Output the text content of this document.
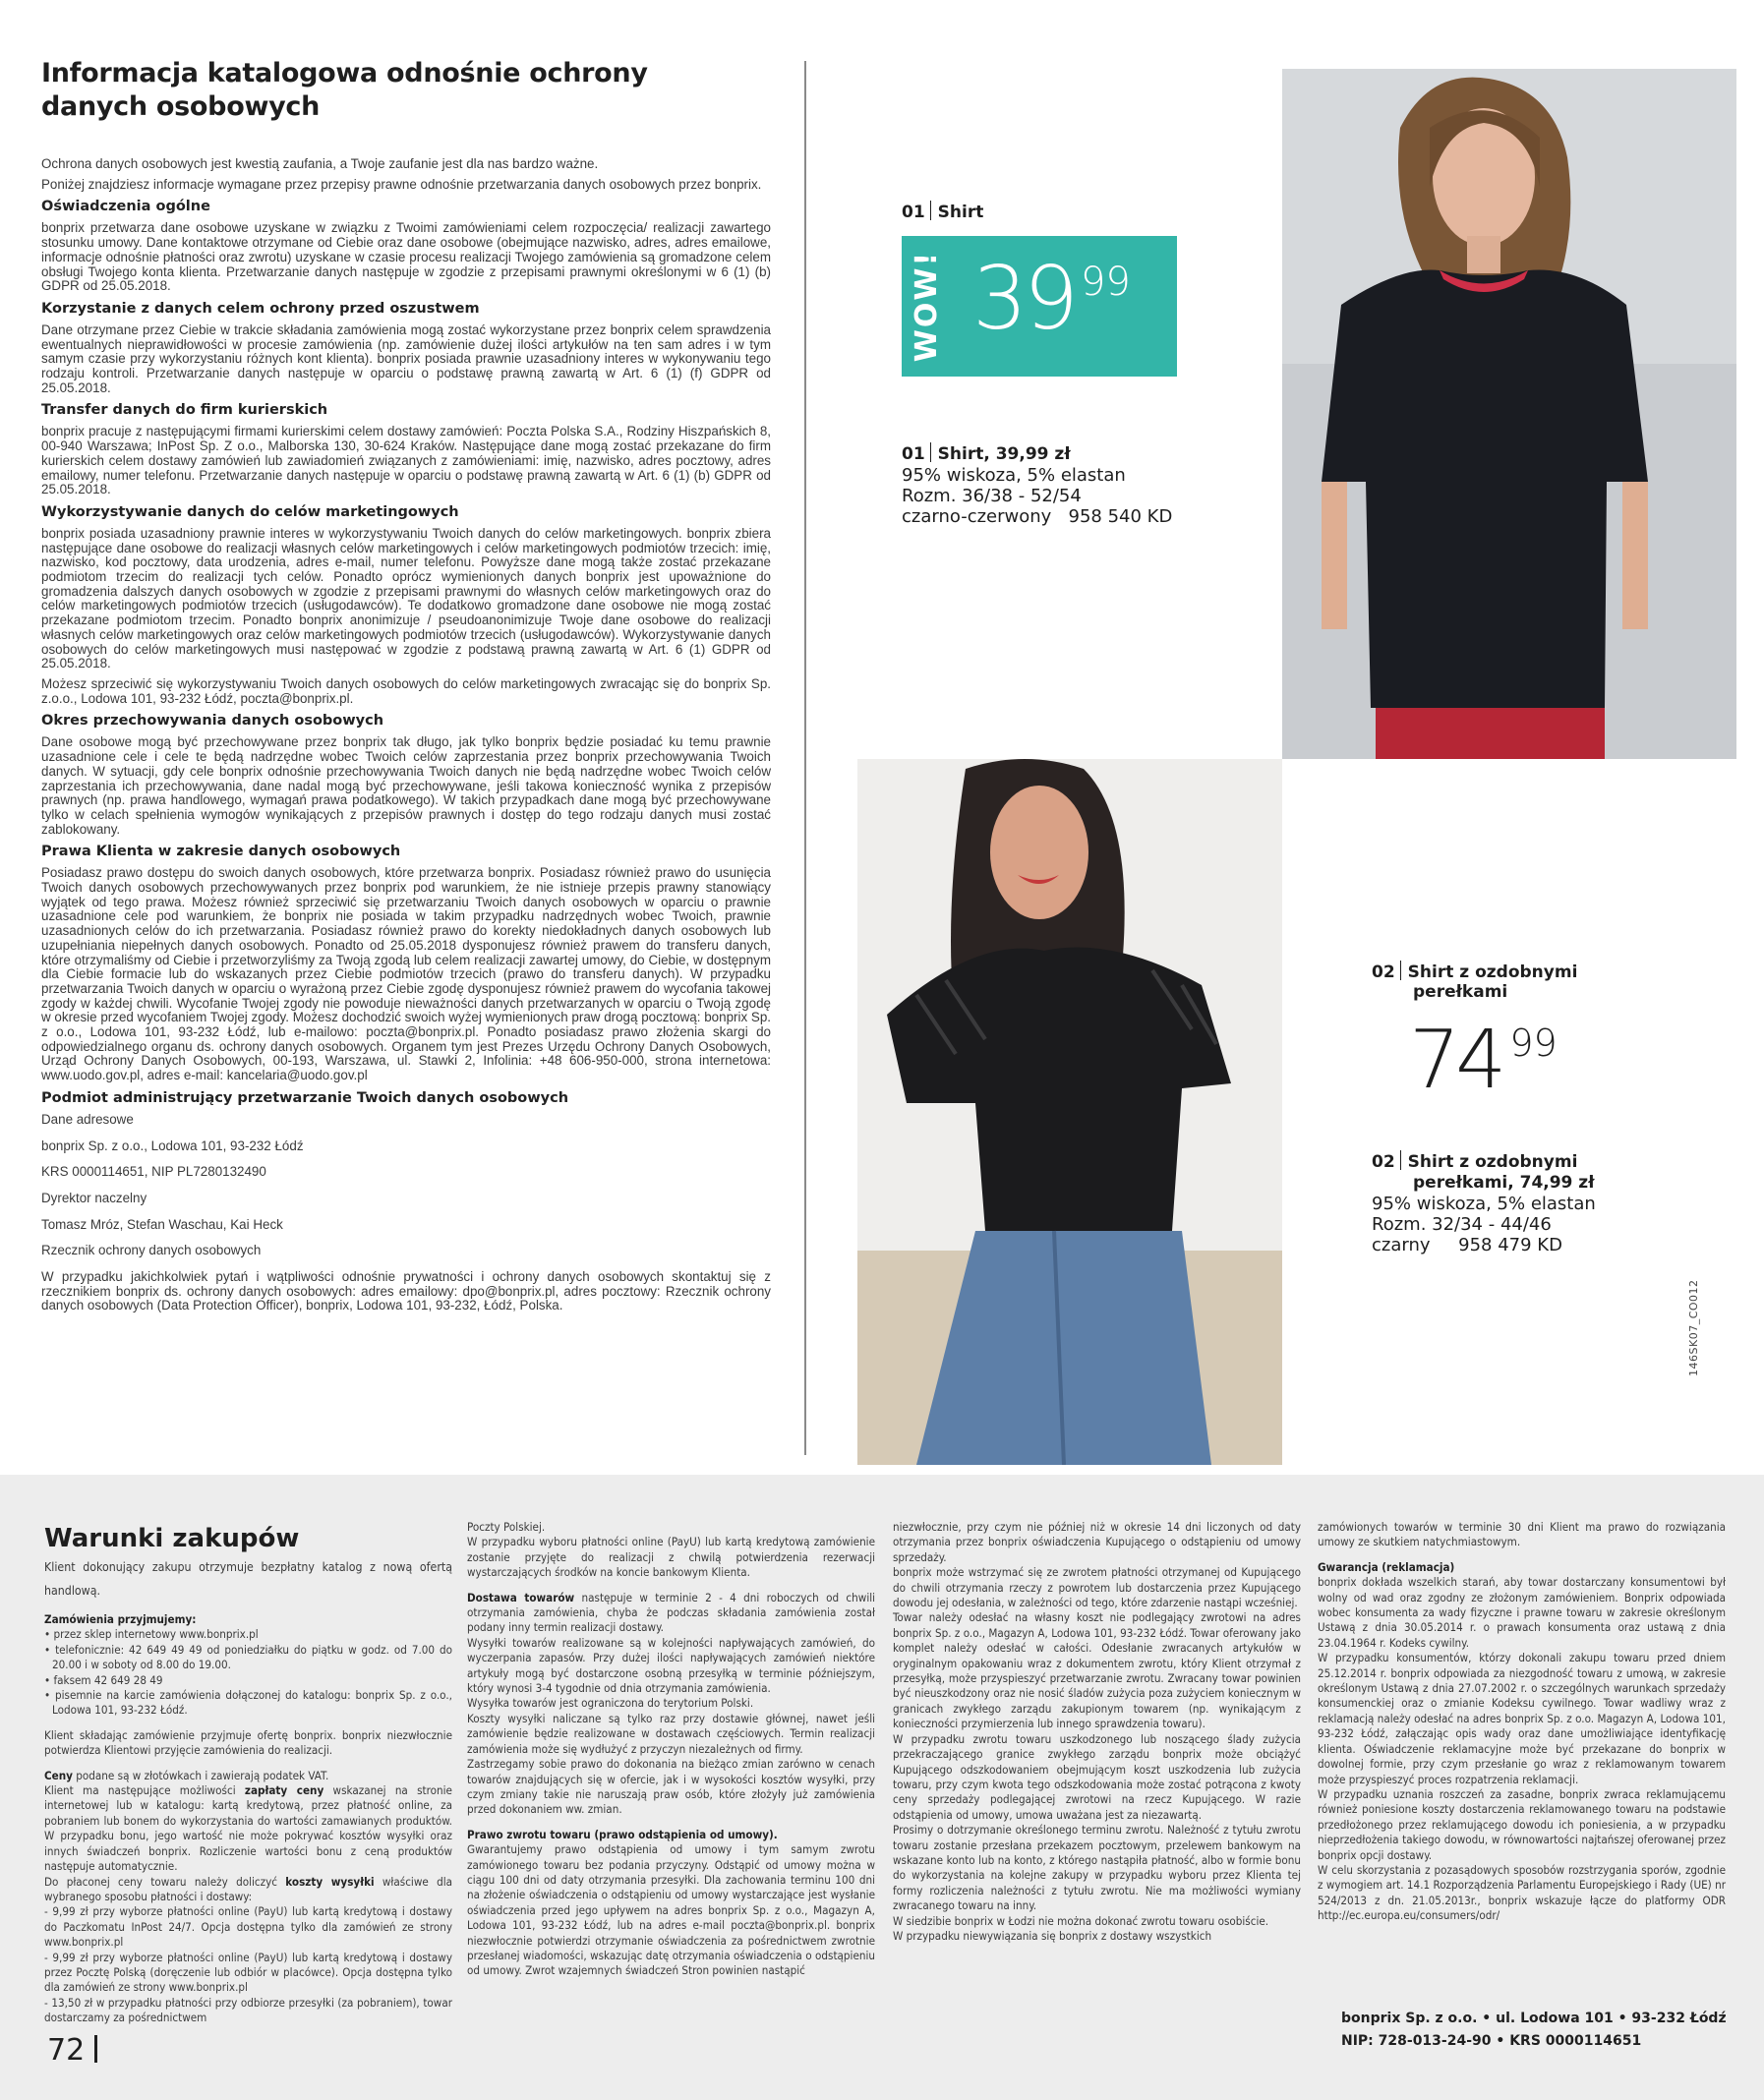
Informacja katalogowa odnośnie ochrony
danych osobowych

Ochrona danych osobowych jest kwestią zaufania, a Twoje zaufanie jest dla nas bardzo ważne.

Poniżej znajdziesz informacje wymagane przez przepisy prawne odnośnie przetwarzania danych osobowych przez bonprix.

Oświadczenia ogólne

bonprix przetwarza dane osobowe uzyskane w związku z Twoimi zamówieniami celem rozpoczęcia/ realizacji zawartego stosunku umowy. Dane kontaktowe otrzymane od Ciebie oraz dane osobowe (obejmujące nazwisko, adres, adres emailowe, informacje odnośnie płatności oraz zwrotu) uzyskane w czasie procesu realizacji Twojego zamówienia są gromadzone celem obsługi Twojego konta klienta. Przetwarzanie danych następuje w zgodzie z przepisami prawnymi określonymi w 6 (1) (b) GDPR od 25.05.2018.

Korzystanie z danych celem ochrony przed oszustwem

Dane otrzymane przez Ciebie w trakcie składania zamówienia mogą zostać wykorzystane przez bonprix celem sprawdzenia ewentualnych nieprawidłowości w procesie zamówienia (np. zamówienie dużej ilości artykułów na ten sam adres i w tym samym czasie przy wykorzystaniu różnych kont klienta). bonprix posiada prawnie uzasadniony interes w wykonywaniu tego rodzaju kontroli. Przetwarzanie danych następuje w oparciu o podstawę prawną zawartą w Art. 6 (1) (f) GDPR od 25.05.2018.

Transfer danych do firm kurierskich

bonprix pracuje z następującymi firmami kurierskimi celem dostawy zamówień: Poczta Polska S.A., Rodziny Hiszpańskich 8, 00-940 Warszawa; InPost Sp. Z o.o., Malborska 130, 30-624 Kraków. Następujące dane mogą zostać przekazane do firm kurierskich celem dostawy zamówień lub zawiadomień związanych z zamówieniami: imię, nazwisko, adres pocztowy, adres emailowy, numer telefonu. Przetwarzanie danych następuje w oparciu o podstawę prawną zawartą w Art. 6 (1) (b) GDPR od 25.05.2018.

Wykorzystywanie danych do celów marketingowych

bonprix posiada uzasadniony prawnie interes w wykorzystywaniu Twoich danych do celów marketingowych. bonprix zbiera następujące dane osobowe do realizacji własnych celów marketingowych i celów marketingowych podmiotów trzecich: imię, nazwisko, kod pocztowy, data urodzenia, adres e-mail, numer telefonu. Powyższe dane mogą także zostać przekazane podmiotom trzecim do realizacji tych celów. Ponadto oprócz wymienionych danych bonprix jest upoważnione do gromadzenia dalszych danych osobowych w zgodzie z przepisami prawnymi do własnych celów marketingowych oraz do celów marketingowych podmiotów trzecich (usługodawców). Te dodatkowo gromadzone dane osobowe nie mogą zostać przekazane podmiotom trzecim. Ponadto bonprix anonimizuje / pseudoanonimizuje Twoje dane osobowe do realizacji własnych celów marketingowych oraz celów marketingowych podmiotów trzecich (usługodawców). Wykorzystywanie danych osobowych do celów marketingowych musi następować w zgodzie z podstawą prawną zawartą w Art. 6 (1) GDPR od 25.05.2018.

Możesz sprzeciwić się wykorzystywaniu Twoich danych osobowych do celów marketingowych zwracając się do bonprix Sp. z.o.o., Lodowa 101, 93-232 Łódź, poczta@bonprix.pl.

Okres przechowywania danych osobowych

Dane osobowe mogą być przechowywane przez bonprix tak długo, jak tylko bonprix będzie posiadać ku temu prawnie uzasadnione cele i cele te będą nadrzędne wobec Twoich celów zaprzestania przez bonprix przechowywania Twoich danych. W sytuacji, gdy cele bonprix odnośnie przechowywania Twoich danych nie będą nadrzędne wobec Twoich celów zaprzestania ich przechowywania, dane nadal mogą być przechowywane, jeśli takowa konieczność wynika z przepisów prawnych (np. prawa handlowego, wymagań prawa podatkowego). W takich przypadkach dane mogą być przechowywane tylko w celach spełnienia wymogów wynikających z przepisów prawnych i dostęp do tego rodzaju danych musi zostać zablokowany.

Prawa Klienta w zakresie danych osobowych

Posiadasz prawo dostępu do swoich danych osobowych, które przetwarza bonprix. Posiadasz również prawo do usunięcia Twoich danych osobowych przechowywanych przez bonprix pod warunkiem, że nie istnieje przepis prawny stanowiący wyjątek od tego prawa. Możesz również sprzeciwić się przetwarzaniu Twoich danych osobowych w oparciu o prawnie uzasadnione cele pod warunkiem, że bonprix nie posiada w takim przypadku nadrzędnych wobec Twoich, prawnie uzasadnionych celów do ich przetwarzania. Posiadasz również prawo do korekty niedokładnych danych osobowych lub uzupełniania niepełnych danych osobowych. Ponadto od 25.05.2018 dysponujesz również prawem do transferu danych, które otrzymaliśmy od Ciebie i przetworzyliśmy za Twoją zgodą lub celem realizacji zawartej umowy, do Ciebie, w dostępnym dla Ciebie formacie lub do wskazanych przez Ciebie podmiotów trzecich (prawo do transferu danych). W przypadku przetwarzania Twoich danych w oparciu o wyrażoną przez Ciebie zgodę dysponujesz również prawem do wycofania takowej zgody w każdej chwili. Wycofanie Twojej zgody nie powoduje nieważności danych przetwarzanych w oparciu o Twoją zgodę w okresie przed wycofaniem Twojej zgody. Możesz dochodzić swoich wyżej wymienionych praw drogą pocztową: bonprix Sp. z o.o., Lodowa 101, 93-232 Łódź, lub e-mailowo: poczta@bonprix.pl. Ponadto posiadasz prawo złożenia skargi do odpowiedzialnego organu ds. ochrony danych osobowych. Organem tym jest Prezes Urzędu Ochrony Danych Osobowych, Urząd Ochrony Danych Osobowych, 00-193, Warszawa, ul. Stawki 2, Infolinia: +48 606-950-000, strona internetowa: www.uodo.gov.pl, adres e-mail: kancelaria@uodo.gov.pl

Podmiot administrujący przetwarzanie Twoich danych osobowych

Dane adresowe

bonprix Sp. z o.o., Lodowa 101, 93-232 Łódź

KRS 0000114651, NIP PL7280132490

Dyrektor naczelny

Tomasz Mróz, Stefan Waschau, Kai Heck

Rzecznik ochrony danych osobowych

W przypadku jakichkolwiek pytań i wątpliwości odnośnie prywatności i ochrony danych osobowych skontaktuj się z rzecznikiem bonprix ds. ochrony danych osobowych: adres emailowy: dpo@bonprix.pl, adres pocztowy: Rzecznik ochrony danych osobowych (Data Protection Officer), bonprix, Lodowa 101, 93-232, Łódź, Polska.

01 Shirt
WOW! 39 99
01 Shirt, 39,99 zł
95% wiskoza, 5% elastan
Rozm. 36/38 - 52/54
czarno-czerwony 958 540 KD
02 Shirt z ozdobnymi
perełkami
74 99
02 Shirt z ozdobnymi
perełkami, 74,99 zł
95% wiskoza, 5% elastan
Rozm. 32/34 - 44/46
czarny 958 479 KD
146SK07_CO012
Warunki zakupów

Klient dokonujący zakupu otrzymuje bezpłatny katalog z nową ofertą handlową.

Zamówienia przyjmujemy:

• przez sklep internetowy www.bonprix.pl
• telefonicznie: 42 649 49 49 od poniedziałku do piątku w godz. od 7.00 do 20.00 i w soboty od 8.00 do 19.00.
• faksem 42 649 28 49
• pisemnie na karcie zamówienia dołączonej do katalogu: bonprix Sp. z o.o., Lodowa 101, 93-232 Łódź.

Klient składając zamówienie przyjmuje ofertę bonprix. bonprix niezwłocznie potwierdza Klientowi przyjęcie zamówienia do realizacji.

Ceny podane są w złotówkach i zawierają podatek VAT.

Klient ma następujące możliwości zapłaty ceny wskazanej na stronie internetowej lub w katalogu: kartą kredytową, przez płatność online, za pobraniem lub bonem do wykorzystania do wartości zamawianych produktów. W przypadku bonu, jego wartość nie może pokrywać kosztów wysyłki oraz innych świadczeń bonprix. Rozliczenie wartości bonu z ceną produktów następuje automatycznie.

Do płaconej ceny towaru należy doliczyć koszty wysyłki właściwe dla wybranego sposobu płatności i dostawy:

- 9,99 zł przy wyborze płatności online (PayU) lub kartą kredytową i dostawy do Paczkomatu InPost 24/7. Opcja dostępna tylko dla zamówień ze strony www.bonprix.pl

- 9,99 zł przy wyborze płatności online (PayU) lub kartą kredytową i dostawy przez Pocztę Polską (doręczenie lub odbiór w placówce). Opcja dostępna tylko dla zamówień ze strony www.bonprix.pl

- 13,50 zł w przypadku płatności przy odbiorze przesyłki (za pobraniem), towar dostarczamy za pośrednictwem

72

Poczty Polskiej.

W przypadku wyboru płatności online (PayU) lub kartą kredytową zamówienie zostanie przyjęte do realizacji z chwilą potwierdzenia rezerwacji wystarczających środków na koncie bankowym Klienta.

Dostawa towarów następuje w terminie 2 - 4 dni roboczych od chwili otrzymania zamówienia, chyba że podczas składania zamówienia został podany inny termin realizacji dostawy.

Wysyłki towarów realizowane są w kolejności napływających zamówień, do wyczerpania zapasów. Przy dużej ilości napływających zamówień niektóre artykuły mogą być dostarczone osobną przesyłką w terminie późniejszym, który wynosi 3-4 tygodnie od dnia otrzymania zamówienia.

Wysyłka towarów jest ograniczona do terytorium Polski.

Koszty wysyłki naliczane są tylko raz przy dostawie głównej, nawet jeśli zamówienie będzie realizowane w dostawach częściowych. Termin realizacji zamówienia może się wydłużyć z przyczyn niezależnych od firmy.

Zastrzegamy sobie prawo do dokonania na bieżąco zmian zarówno w cenach towarów znajdujących się w ofercie, jak i w wysokości kosztów wysyłki, przy czym zmiany takie nie naruszają praw osób, które złożyły już zamówienia przed dokonaniem ww. zmian.

Prawo zwrotu towaru (prawo odstąpienia od umowy).

Gwarantujemy prawo odstąpienia od umowy i tym samym zwrotu zamówionego towaru bez podania przyczyny. Odstąpić od umowy można w ciągu 100 dni od daty otrzymania przesyłki. Dla zachowania terminu 100 dni na złożenie oświadczenia o odstąpieniu od umowy wystarczające jest wysłanie oświadczenia przed jego upływem na adres bonprix Sp. z o.o., Magazyn A, Lodowa 101, 93-232 Łódź, lub na adres e-mail poczta@bonprix.pl. bonprix niezwłocznie potwierdzi otrzymanie oświadczenia za pośrednictwem zwrotnie przesłanej wiadomości, wskazując datę otrzymania oświadczenia o odstąpieniu od umowy. Zwrot wzajemnych świadczeń Stron powinien nastąpić

niezwłocznie, przy czym nie później niż w okresie 14 dni liczonych od daty otrzymania przez bonprix oświadczenia Kupującego o odstąpieniu od umowy sprzedaży.

bonprix może wstrzymać się ze zwrotem płatności otrzymanej od Kupującego do chwili otrzymania rzeczy z powrotem lub dostarczenia przez Kupującego dowodu jej odesłania, w zależności od tego, które zdarzenie nastąpi wcześniej.

Towar należy odesłać na własny koszt nie podlegający zwrotowi na adres bonprix Sp. z o.o., Magazyn A, Lodowa 101, 93-232 Łódź. Towar oferowany jako komplet należy odesłać w całości. Odesłanie zwracanych artykułów w oryginalnym opakowaniu wraz z dokumentem zwrotu, który Klient otrzymał z przesyłką, może przyspieszyć przetwarzanie zwrotu. Zwracany towar powinien być nieuszkodzony oraz nie nosić śladów zużycia poza zużyciem koniecznym w granicach zwykłego zarządu zakupionym towarem (np. wynikającym z konieczności przymierzenia lub innego sprawdzenia towaru).

W przypadku zwrotu towaru uszkodzonego lub noszącego ślady zużycia przekraczającego granice zwykłego zarządu bonprix może obciążyć Kupującego odszkodowaniem obejmującym koszt uszkodzenia lub zużycia towaru, przy czym kwota tego odszkodowania może zostać potrącona z kwoty ceny sprzedaży podlegającej zwrotowi na rzecz Kupującego. W razie odstąpienia od umowy, umowa uważana jest za niezawartą.

Prosimy o dotrzymanie określonego terminu zwrotu. Należność z tytułu zwrotu towaru zostanie przesłana przekazem pocztowym, przelewem bankowym na wskazane konto lub na konto, z którego nastąpiła płatność, albo w formie bonu do wykorzystania na kolejne zakupy w przypadku wyboru przez Klienta tej formy rozliczenia należności z tytułu zwrotu. Nie ma możliwości wymiany zwracanego towaru na inny.

W siedzibie bonprix w Łodzi nie można dokonać zwrotu towaru osobiście.

W przypadku niewywiązania się bonprix z dostawy wszystkich

zamówionych towarów w terminie 30 dni Klient ma prawo do rozwiązania umowy ze skutkiem natychmiastowym.

Gwarancja (reklamacja)

bonprix dokłada wszelkich starań, aby towar dostarczany konsumentowi był wolny od wad oraz zgodny ze złożonym zamówieniem. Bonprix odpowiada wobec konsumenta za wady fizyczne i prawne towaru w zakresie określonym Ustawą z dnia 30.05.2014 r. o prawach konsumenta oraz ustawą z dnia 23.04.1964 r. Kodeks cywilny.

W przypadku konsumentów, którzy dokonali zakupu towaru przed dniem 25.12.2014 r. bonprix odpowiada za niezgodność towaru z umową, w zakresie określonym Ustawą z dnia 27.07.2002 r. o szczególnych warunkach sprzedaży konsumenckiej oraz o zmianie Kodeksu cywilnego. Towar wadliwy wraz z reklamacją należy odesłać na adres bonprix Sp. z o.o. Magazyn A, Lodowa 101, 93-232 Łódź, załączając opis wady oraz dane umożliwiające identyfikację klienta. Oświadczenie reklamacyjne może być przekazane do bonprix w dowolnej formie, przy czym przesłanie go wraz z reklamowanym towarem może przyspieszyć proces rozpatrzenia reklamacji.

W przypadku uznania roszczeń za zasadne, bonprix zwraca reklamującemu również poniesione koszty dostarczenia reklamowanego towaru na podstawie przedłożonego przez reklamującego dowodu ich poniesienia, a w przypadku nieprzedłożenia takiego dowodu, w równowartości najtańszej oferowanej przez bonprix opcji dostawy.

W celu skorzystania z pozasądowych sposobów rozstrzygania sporów, zgodnie z wymogiem art. 14.1 Rozporządzenia Parlamentu Europejskiego i Rady (UE) nr 524/2013 z dn. 21.05.2013r., bonprix wskazuje łącze do platformy ODR http://ec.europa.eu/consumers/odr/

bonprix Sp. z o.o. • ul. Lodowa 101 • 93-232 Łódź
NIP: 728-013-24-90 • KRS 0000114651
